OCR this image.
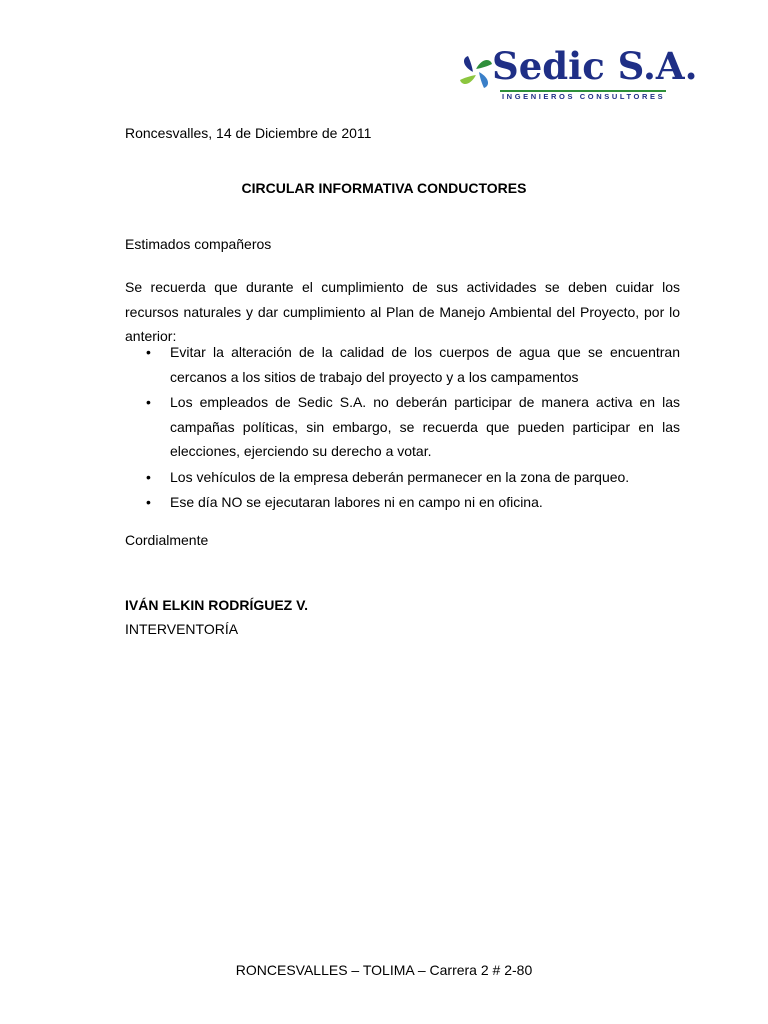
Sedic S.A.
INGENIEROS CONSULTORES
Roncesvalles, 14 de Diciembre de 2011
CIRCULAR INFORMATIVA CONDUCTORES
Estimados compañeros

Se recuerda que durante el cumplimiento de sus actividades se deben cuidar los recursos naturales y dar cumplimiento al Plan de Manejo Ambiental del Proyecto, por lo anterior:

• Evitar la alteración de la calidad de los cuerpos de agua que se encuentran cercanos a los sitios de trabajo del proyecto y a los campamentos
• Los empleados de Sedic S.A. no deberán participar de manera activa en las campañas políticas, sin embargo, se recuerda que pueden participar en las elecciones, ejerciendo su derecho a votar.
• Los vehículos de la empresa deberán permanecer en la zona de parqueo.
• Ese día NO se ejecutaran labores ni en campo ni en oficina.
Cordialmente
IVÁN ELKIN RODRÍGUEZ V.
INTERVENTORÍA
RONCESVALLES – TOLIMA – Carrera 2 # 2-80
